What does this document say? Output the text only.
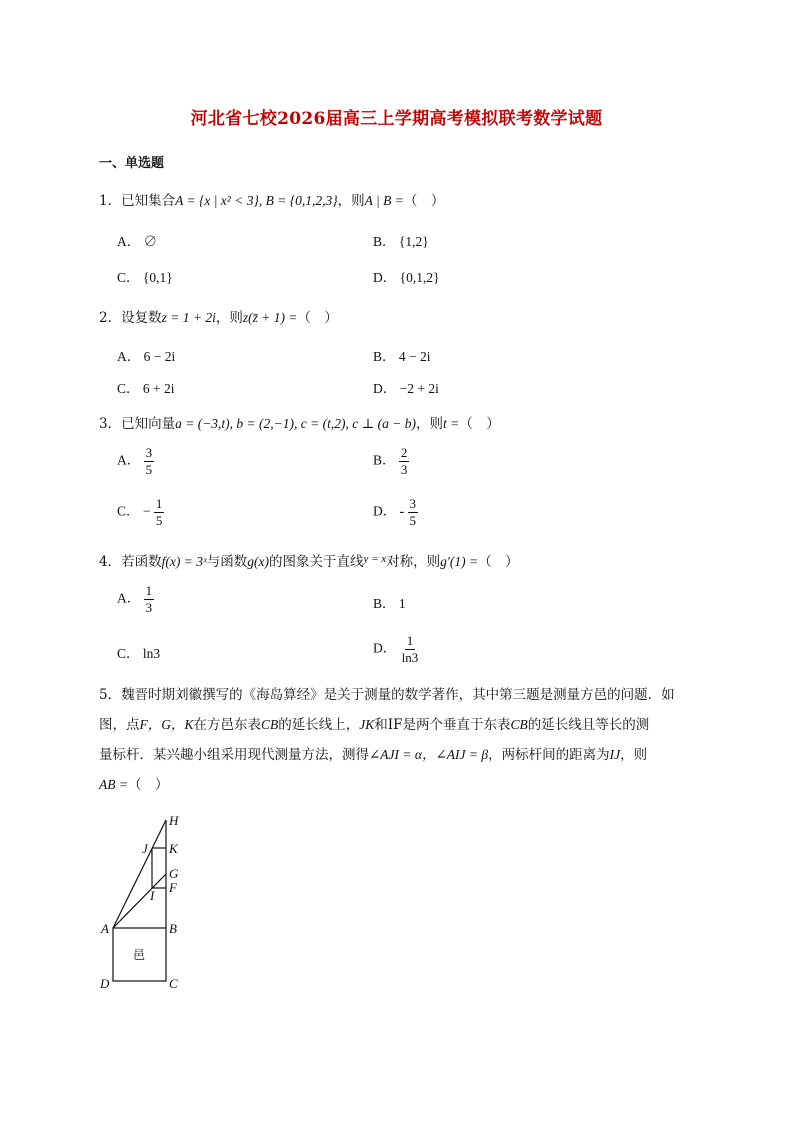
河北省七校2026届高三上学期高考模拟联考数学试题
一、单选题
1．已知集合A = {x | x² < 3}, B = {0,1,2,3}，则A | B =（　）
A． ∅	B． {1,2}
C． {0,1}	D． {0,1,2}
2．设复数z = 1 + 2i，则z(z̄ + 1) =（　）
A． 6 − 2i	B． 4 − 2i
C． 6 + 2i	D． −2 + 2i
3．已知向量a = (−3,t), b = (2,−1), c = (t,2), c ⊥ (a − b)，则t =（　）
A． $\frac{3}{5}$	B． $\frac{2}{3}$
C． − $\frac{1}{5}$	D． - $\frac{3}{5}$
4．若函数f(x) = 3ˣ与函数g(x)的图象关于直线$^{y = x}$对称，则g′(1) =（　）
A． $\frac{1}{3}$	B． 1
C． ln3	D． $\frac{1}{\ln 3}$
5．魏晋时期刘徽撰写的《海岛算经》是关于测量的数学著作，其中第三题是测量方邑的问题．如
图，点F，G，K在方邑东表CB的延长线上，JK和IF是两个垂直于东表CB的延长线且等长的测
量标杆．某兴趣小组采用现代测量方法，测得∠AJI = α，∠AIJ = β，两标杆间的距离为IJ，则
AB =（　）
H
J K
G
F
I
A	B
D	C
邑
